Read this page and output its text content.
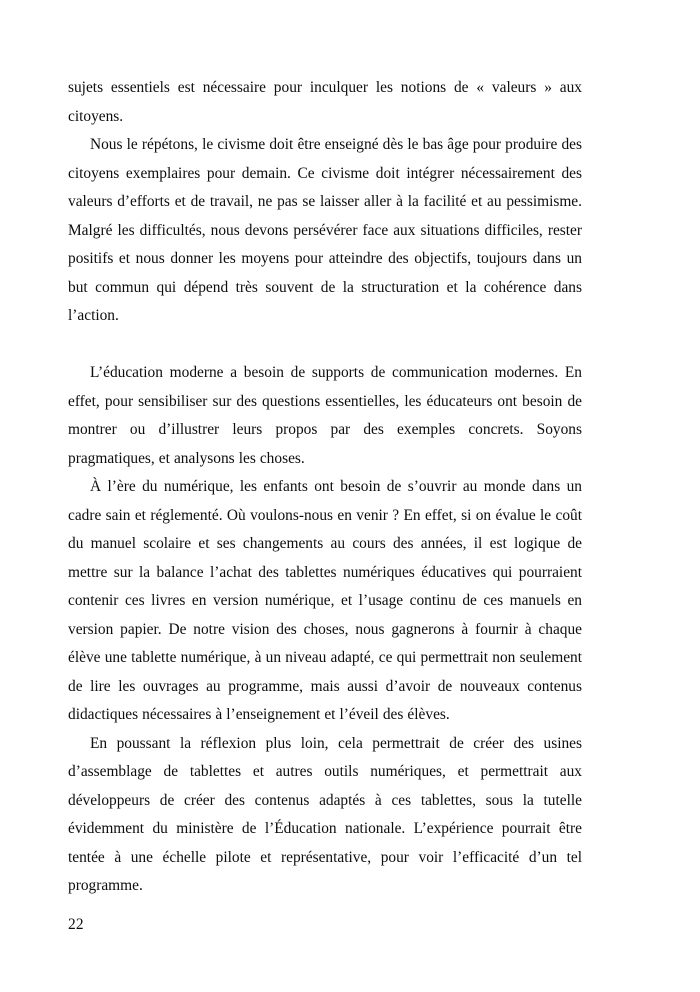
sujets essentiels est nécessaire pour inculquer les notions de « valeurs » aux citoyens.

Nous le répétons, le civisme doit être enseigné dès le bas âge pour produire des citoyens exemplaires pour demain. Ce civisme doit intégrer nécessairement des valeurs d’efforts et de travail, ne pas se laisser aller à la facilité et au pessimisme. Malgré les difficultés, nous devons persévérer face aux situations difficiles, rester positifs et nous donner les moyens pour atteindre des objectifs, toujours dans un but commun qui dépend très souvent de la structuration et la cohérence dans l’action.

L’éducation moderne a besoin de supports de communication modernes. En effet, pour sensibiliser sur des questions essentielles, les éducateurs ont besoin de montrer ou d’illustrer leurs propos par des exemples concrets. Soyons pragmatiques, et analysons les choses.

À l’ère du numérique, les enfants ont besoin de s’ouvrir au monde dans un cadre sain et réglementé. Où voulons-nous en venir ? En effet, si on évalue le coût du manuel scolaire et ses changements au cours des années, il est logique de mettre sur la balance l’achat des tablettes numériques éducatives qui pourraient contenir ces livres en version numérique, et l’usage continu de ces manuels en version papier. De notre vision des choses, nous gagnerons à fournir à chaque élève une tablette numérique, à un niveau adapté, ce qui permettrait non seulement de lire les ouvrages au programme, mais aussi d’avoir de nouveaux contenus didactiques nécessaires à l’enseignement et l’éveil des élèves.

En poussant la réflexion plus loin, cela permettrait de créer des usines d’assemblage de tablettes et autres outils numériques, et permettrait aux développeurs de créer des contenus adaptés à ces tablettes, sous la tutelle évidemment du ministère de l’Éducation nationale. L’expérience pourrait être tentée à une échelle pilote et représentative, pour voir l’efficacité d’un tel programme.

22
